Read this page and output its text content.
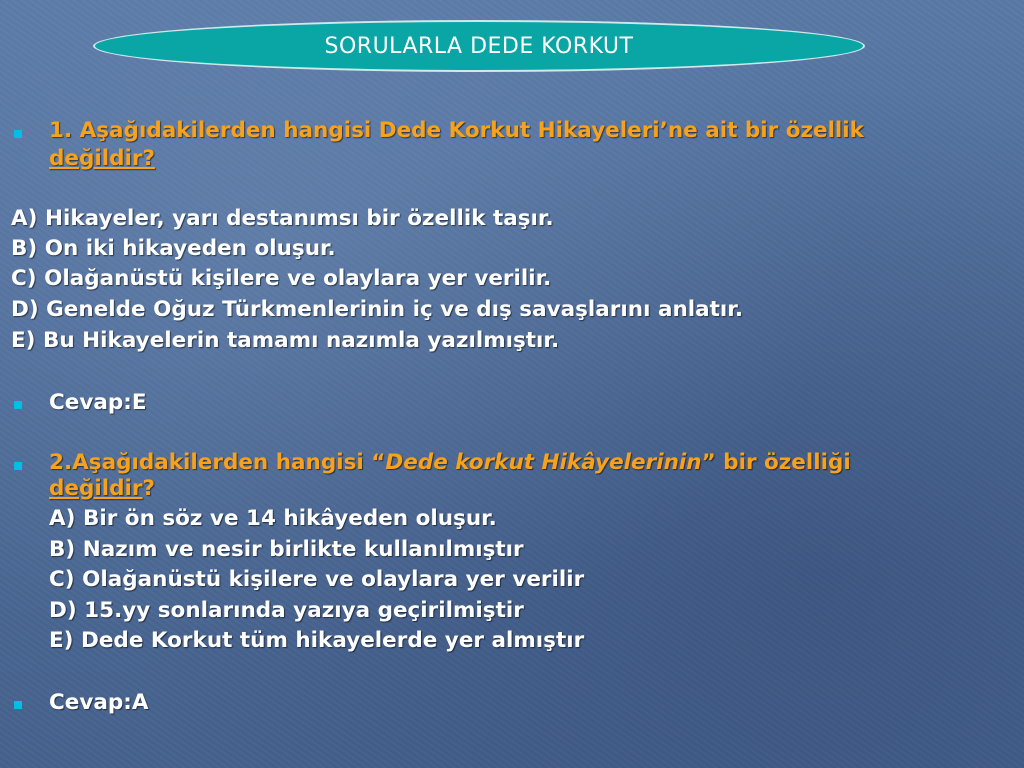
SORULARLA DEDE KORKUT
1. Aşağıdakilerden hangisi Dede Korkut Hikayeleri’ne ait bir özellik
değildir?
A) Hikayeler, yarı destanımsı bir özellik taşır.
B) On iki hikayeden oluşur.
C) Olağanüstü kişilere ve olaylara yer verilir.
D) Genelde Oğuz Türkmenlerinin iç ve dış savaşlarını anlatır.
E) Bu Hikayelerin tamamı nazımla yazılmıştır.
Cevap:E
2.Aşağıdakilerden hangisi “Dede korkut Hikâyelerinin” bir özelliği
değildir?
A) Bir ön söz ve 14 hikâyeden oluşur.
B) Nazım ve nesir birlikte kullanılmıştır
C) Olağanüstü kişilere ve olaylara yer verilir
D) 15.yy sonlarında yazıya geçirilmiştir
E) Dede Korkut tüm hikayelerde yer almıştır
Cevap:A
